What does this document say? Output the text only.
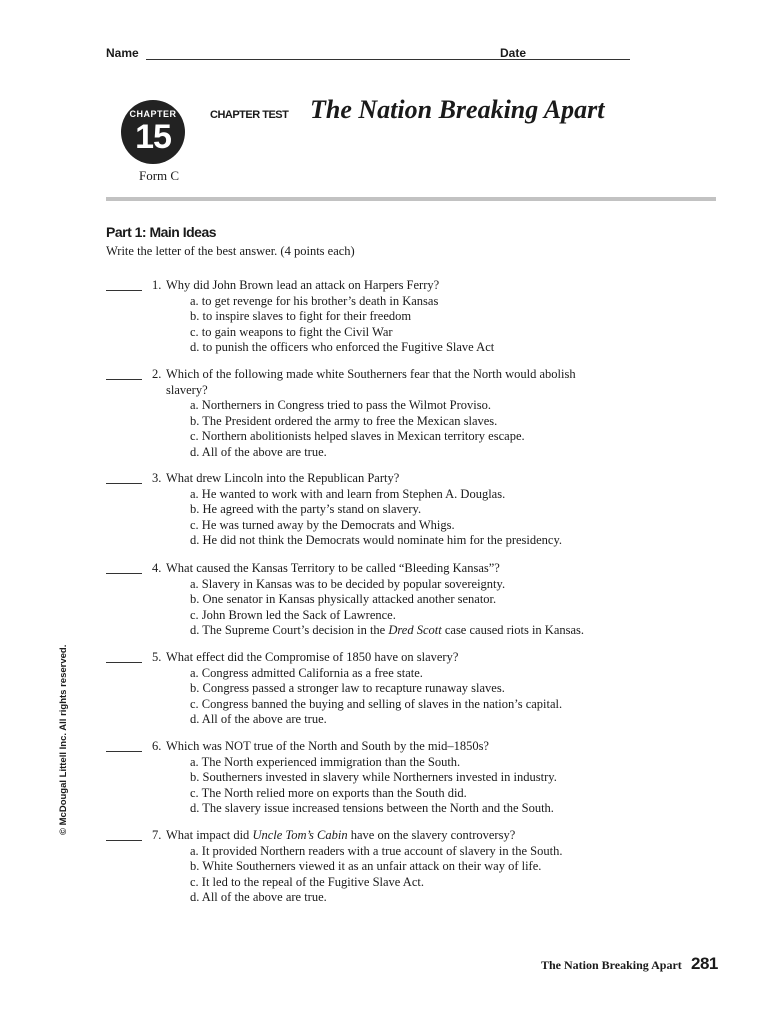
Name	Date
CHAPTER
15
CHAPTER TEST The Nation Breaking Apart
Form C
Part 1: Main Ideas
Write the letter of the best answer. (4 points each)
1. Why did John Brown lead an attack on Harpers Ferry?
a. to get revenge for his brother’s death in Kansas
b. to inspire slaves to fight for their freedom
c. to gain weapons to fight the Civil War
d. to punish the officers who enforced the Fugitive Slave Act
2. Which of the following made white Southerners fear that the North would abolish
slavery?
a. Northerners in Congress tried to pass the Wilmot Proviso.
b. The President ordered the army to free the Mexican slaves.
c. Northern abolitionists helped slaves in Mexican territory escape.
d. All of the above are true.
3. What drew Lincoln into the Republican Party?
a. He wanted to work with and learn from Stephen A. Douglas.
b. He agreed with the party’s stand on slavery.
c. He was turned away by the Democrats and Whigs.
d. He did not think the Democrats would nominate him for the presidency.
4. What caused the Kansas Territory to be called “Bleeding Kansas”?
a. Slavery in Kansas was to be decided by popular sovereignty.
b. One senator in Kansas physically attacked another senator.
c. John Brown led the Sack of Lawrence.
d. The Supreme Court’s decision in the Dred Scott case caused riots in Kansas.
5. What effect did the Compromise of 1850 have on slavery?
a. Congress admitted California as a free state.
b. Congress passed a stronger law to recapture runaway slaves.
c. Congress banned the buying and selling of slaves in the nation’s capital.
d. All of the above are true.
6. Which was NOT true of the North and South by the mid–1850s?
a. The North experienced immigration than the South.
b. Southerners invested in slavery while Northerners invested in industry.
c. The North relied more on exports than the South did.
d. The slavery issue increased tensions between the North and the South.
7. What impact did Uncle Tom’s Cabin have on the slavery controversy?
a. It provided Northern readers with a true account of slavery in the South.
b. White Southerners viewed it as an unfair attack on their way of life.
c. It led to the repeal of the Fugitive Slave Act.
d. All of the above are true.
© McDougal Littell Inc. All rights reserved.
The Nation Breaking Apart 281
